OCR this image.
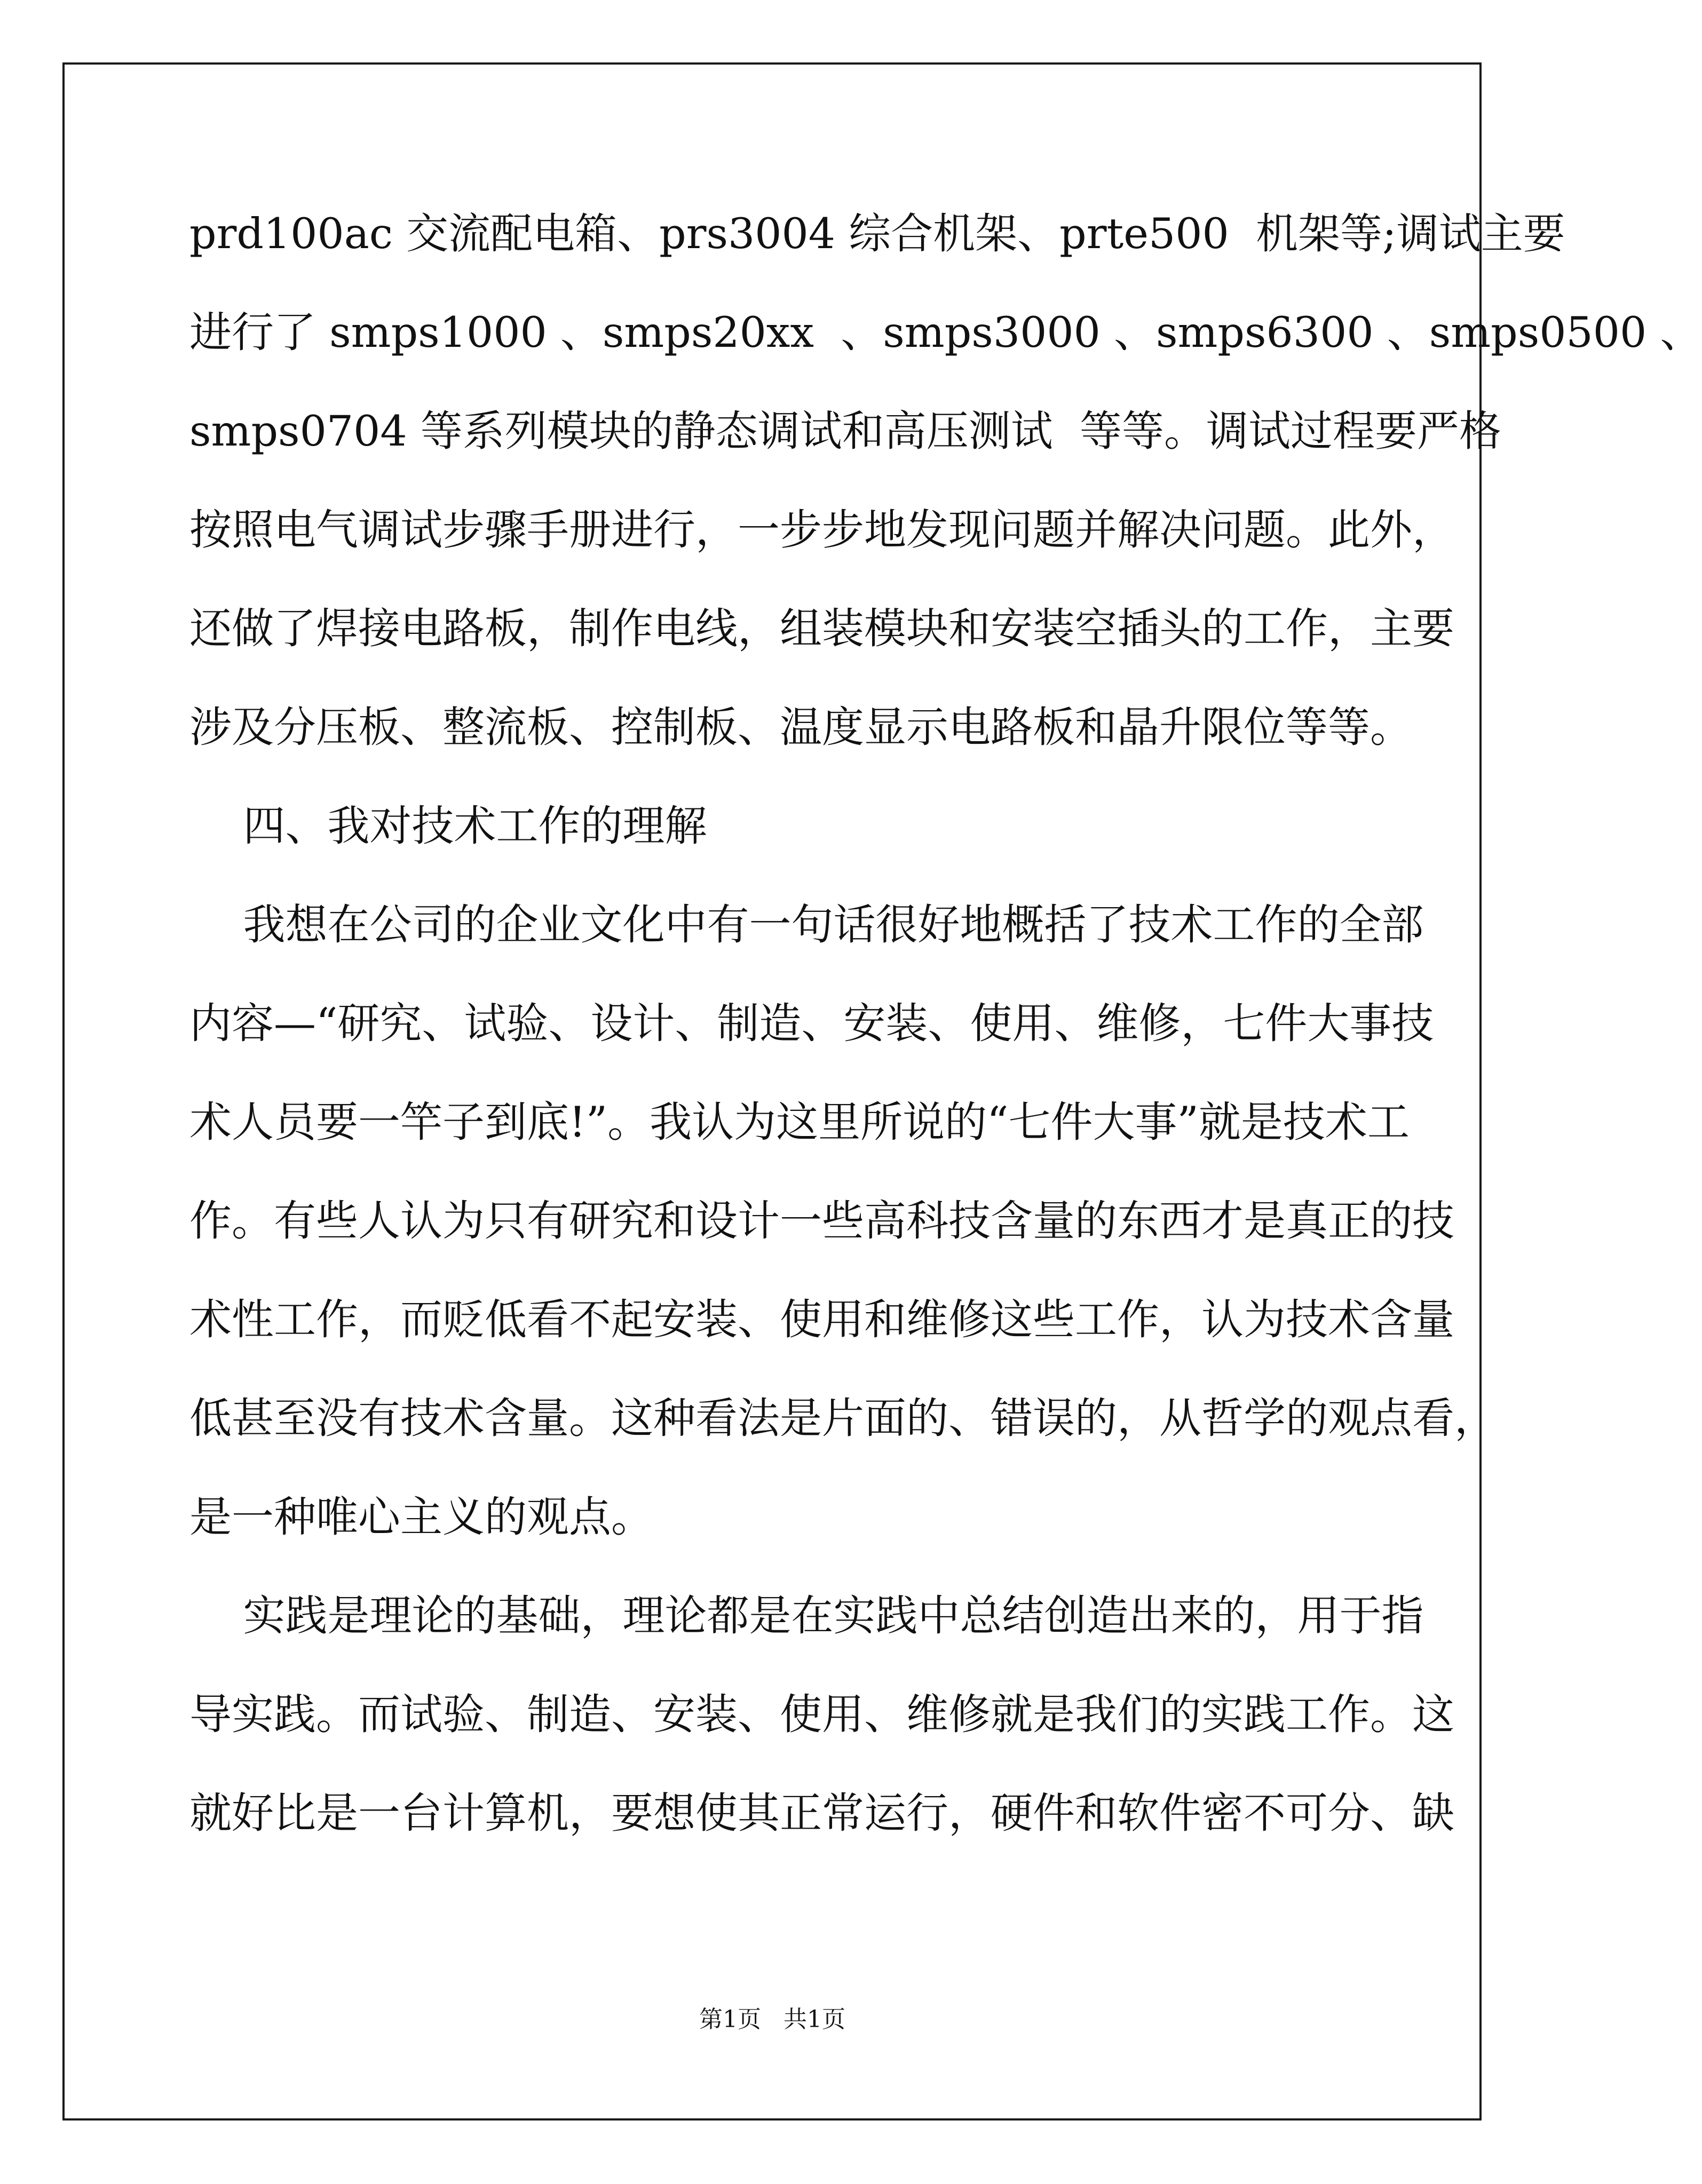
prd100ac 交流配电箱、prs3004 综合机架、prte500  机架等;调试主要
进行了 smps1000 、smps20xx  、smps3000 、smps6300 、smps0500 、
smps0704 等系列模块的静态调试和高压测试  等等。调试过程要严格
按照电气调试步骤手册进行，一步步地发现问题并解决问题。此外，
还做了焊接电路板，制作电线，组装模块和安装空插头的工作，主要
涉及分压板、整流板、控制板、温度显示电路板和晶升限位等等。
四、我对技术工作的理解
我想在公司的企业文化中有一句话很好地概括了技术工作的全部
内容—“研究、试验、设计、制造、安装、使用、维修，七件大事技
术人员要一竿子到底!”。我认为这里所说的“七件大事”就是技术工
作。有些人认为只有研究和设计一些高科技含量的东西才是真正的技
术性工作，而贬低看不起安装、使用和维修这些工作，认为技术含量
低甚至没有技术含量。这种看法是片面的、错误的，从哲学的观点看，
是一种唯心主义的观点。
实践是理论的基础，理论都是在实践中总结创造出来的，用于指
导实践。而试验、制造、安装、使用、维修就是我们的实践工作。这
就好比是一台计算机，要想使其正常运行，硬件和软件密不可分、缺
第1页   共1页
